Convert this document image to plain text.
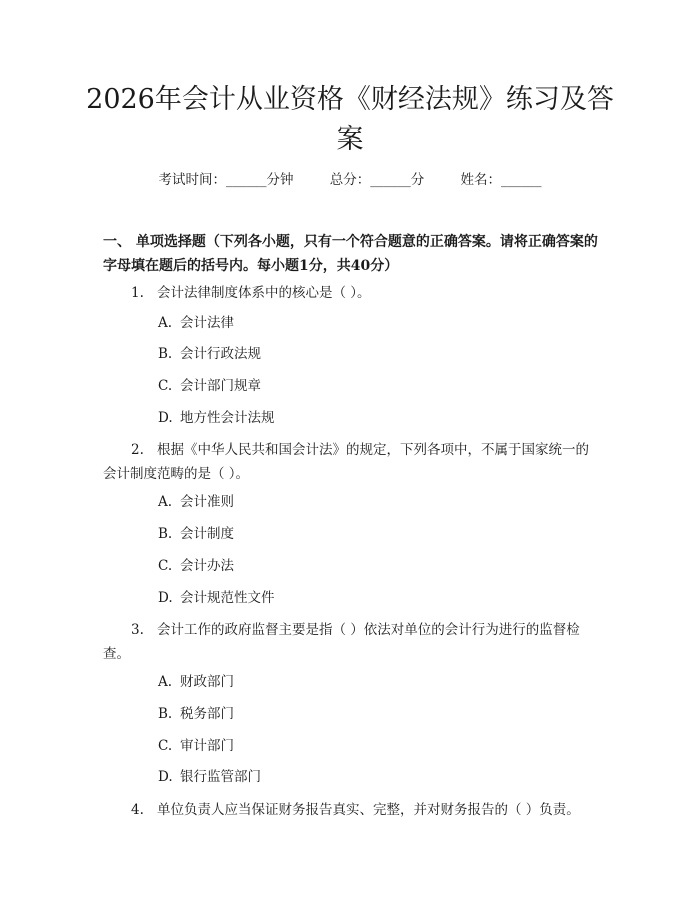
2026年会计从业资格《财经法规》练习及答案
考试时间：______分钟	总分：______分	姓名：______

一、 单项选择题（下列各小题，只有一个符合题意的正确答案。请将正确答案的字母填在题后的括号内。每小题1分，共40分）

1. 会计法律制度体系中的核心是（ ）。

A. 会计法律

B. 会计行政法规

C. 会计部门规章

D. 地方性会计法规

2. 根据《中华人民共和国会计法》的规定，下列各项中，不属于国家统一的会计制度范畴的是（ ）。

A. 会计准则

B. 会计制度

C. 会计办法

D. 会计规范性文件

3. 会计工作的政府监督主要是指（ ）依法对单位的会计行为进行的监督检查。

A. 财政部门

B. 税务部门

C. 审计部门

D. 银行监管部门

4. 单位负责人应当保证财务报告真实、完整，并对财务报告的（ ）负责。
